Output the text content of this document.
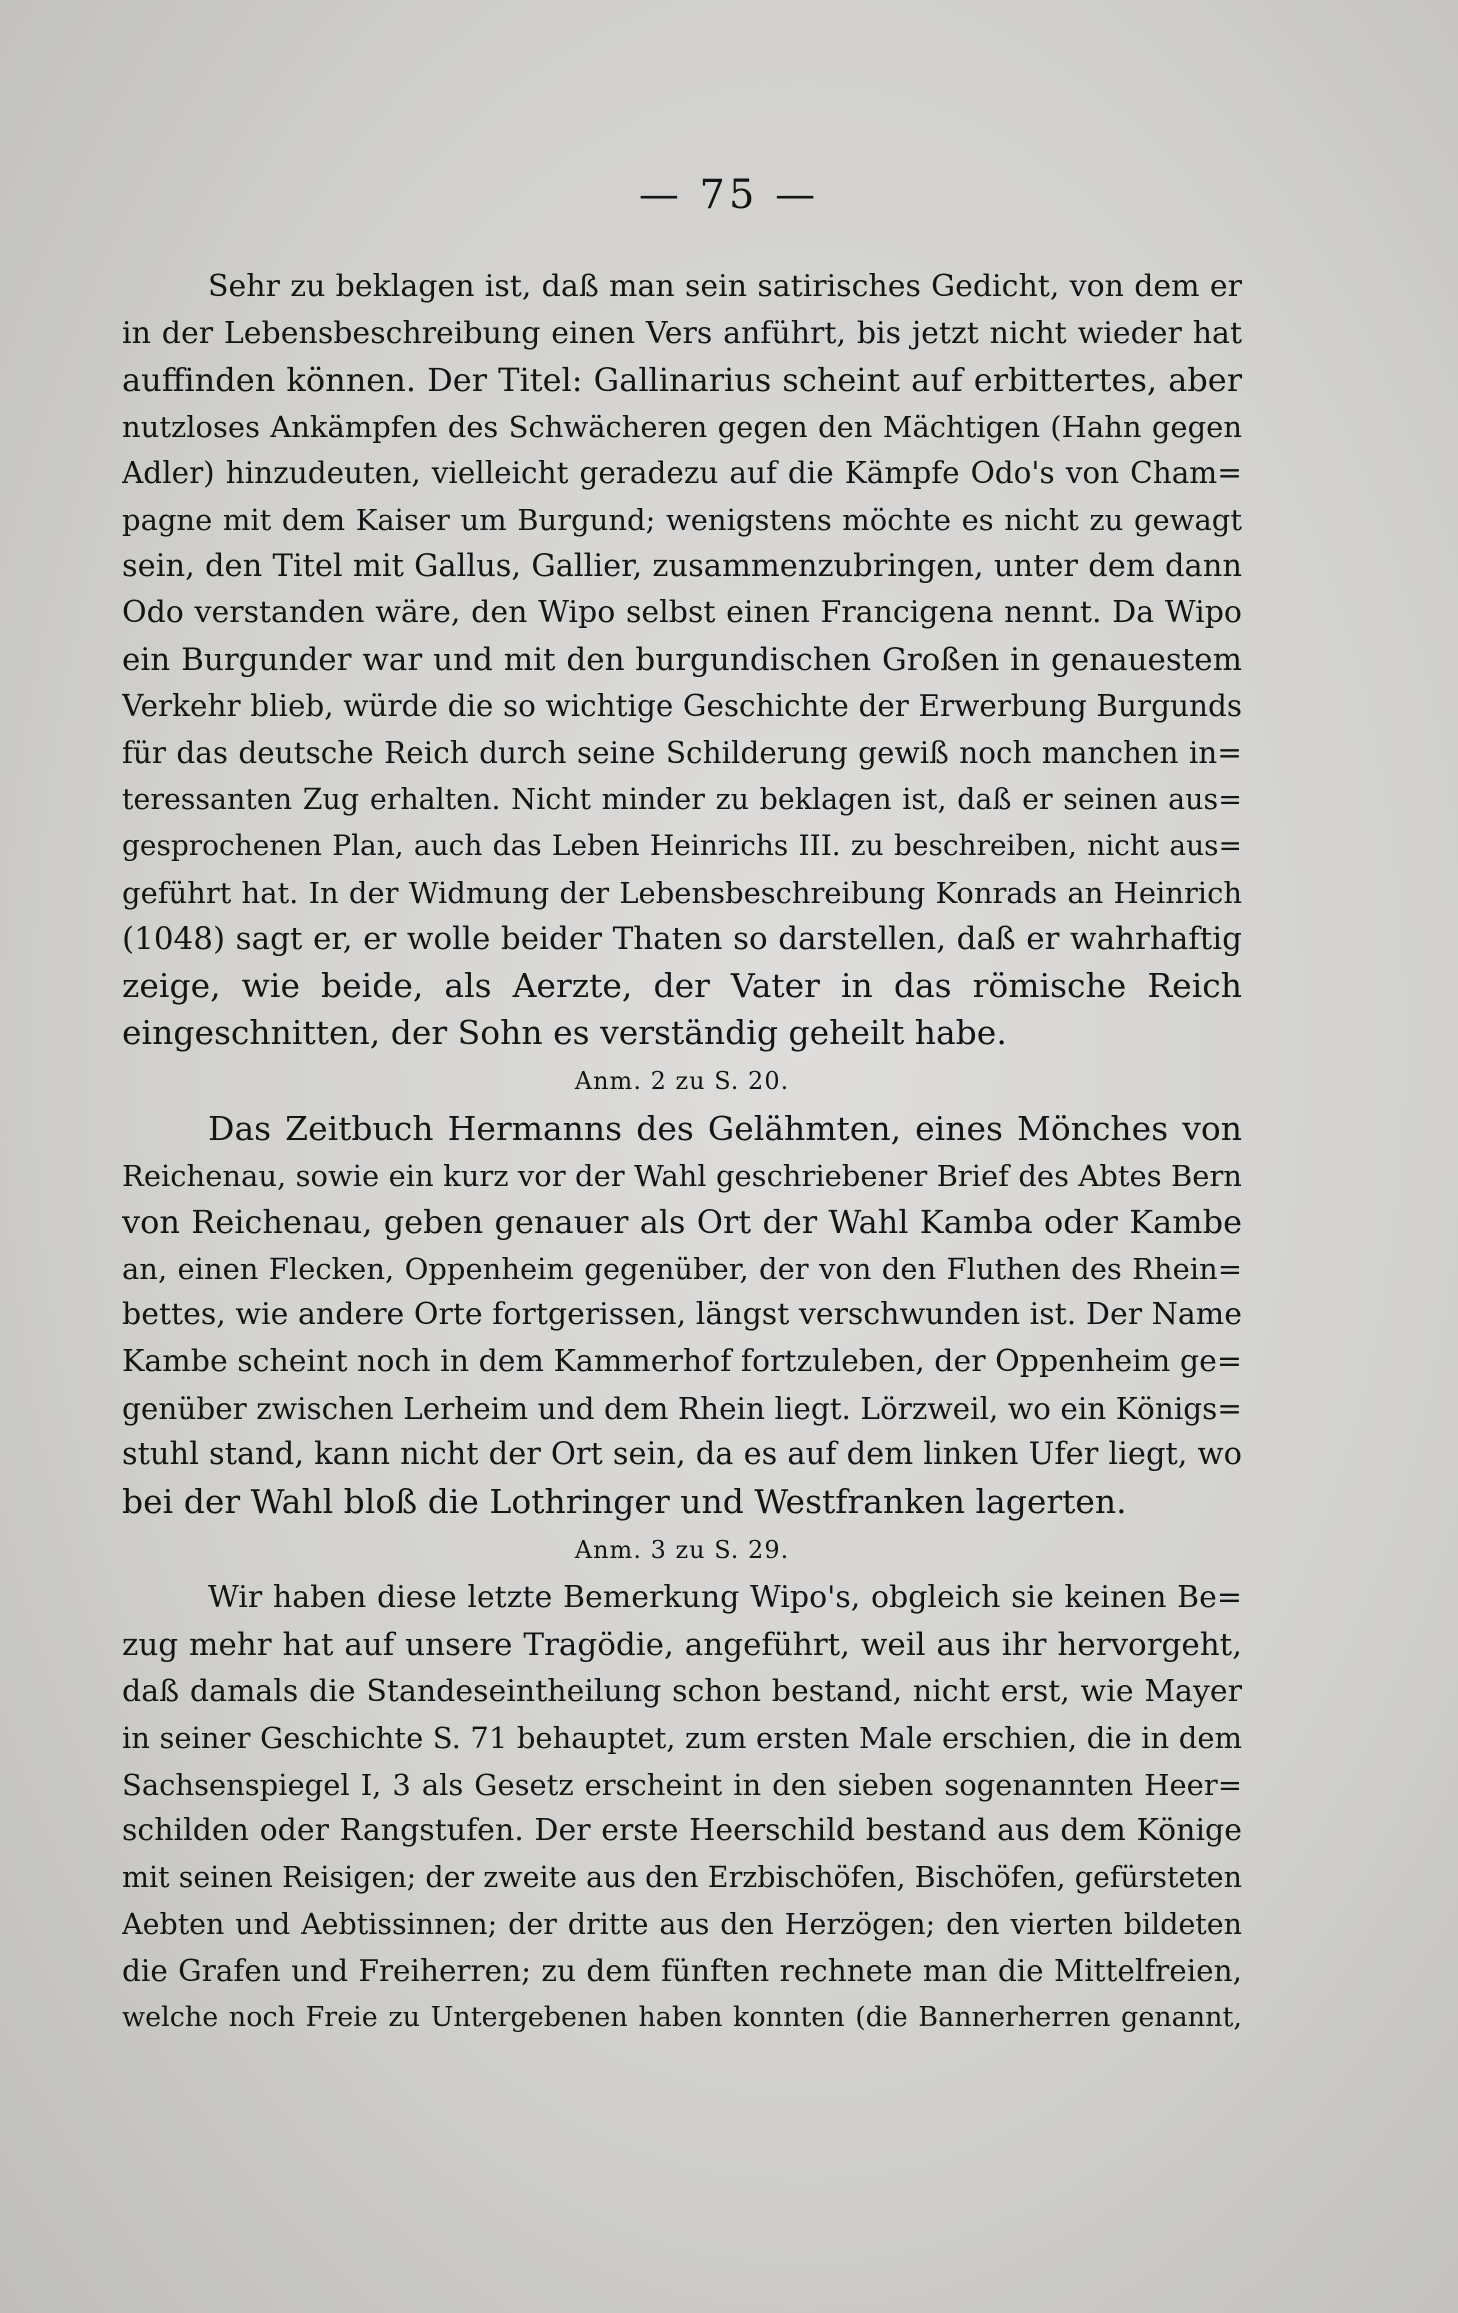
— 75 —
Sehr zu beklagen ist, daß man sein satirisches Gedicht, von dem er
in der Lebensbeschreibung einen Vers anführt, bis jetzt nicht wieder hat
auffinden können. Der Titel: Gallinarius scheint auf erbittertes, aber
nutzloses Ankämpfen des Schwächeren gegen den Mächtigen (Hahn gegen
Adler) hinzudeuten, vielleicht geradezu auf die Kämpfe Odo's von Cham=
pagne mit dem Kaiser um Burgund; wenigstens möchte es nicht zu gewagt
sein, den Titel mit Gallus, Gallier, zusammenzubringen, unter dem dann
Odo verstanden wäre, den Wipo selbst einen Francigena nennt. Da Wipo
ein Burgunder war und mit den burgundischen Großen in genauestem
Verkehr blieb, würde die so wichtige Geschichte der Erwerbung Burgunds
für das deutsche Reich durch seine Schilderung gewiß noch manchen in=
teressanten Zug erhalten. Nicht minder zu beklagen ist, daß er seinen aus=
gesprochenen Plan, auch das Leben Heinrichs III. zu beschreiben, nicht aus=
geführt hat. In der Widmung der Lebensbeschreibung Konrads an Heinrich
(1048) sagt er, er wolle beider Thaten so darstellen, daß er wahrhaftig
zeige, wie beide, als Aerzte, der Vater in das römische Reich
eingeschnitten, der Sohn es verständig geheilt habe.
Anm. 2 zu S. 20.
Das Zeitbuch Hermanns des Gelähmten, eines Mönches von
Reichenau, sowie ein kurz vor der Wahl geschriebener Brief des Abtes Bern
von Reichenau, geben genauer als Ort der Wahl Kamba oder Kambe
an, einen Flecken, Oppenheim gegenüber, der von den Fluthen des Rhein=
bettes, wie andere Orte fortgerissen, längst verschwunden ist. Der Name
Kambe scheint noch in dem Kammerhof fortzuleben, der Oppenheim ge=
genüber zwischen Lerheim und dem Rhein liegt. Lörzweil, wo ein Königs=
stuhl stand, kann nicht der Ort sein, da es auf dem linken Ufer liegt, wo
bei der Wahl bloß die Lothringer und Westfranken lagerten.
Anm. 3 zu S. 29.
Wir haben diese letzte Bemerkung Wipo's, obgleich sie keinen Be=
zug mehr hat auf unsere Tragödie, angeführt, weil aus ihr hervorgeht,
daß damals die Standeseintheilung schon bestand, nicht erst, wie Mayer
in seiner Geschichte S. 71 behauptet, zum ersten Male erschien, die in dem
Sachsenspiegel I, 3 als Gesetz erscheint in den sieben sogenannten Heer=
schilden oder Rangstufen. Der erste Heerschild bestand aus dem Könige
mit seinen Reisigen; der zweite aus den Erzbischöfen, Bischöfen, gefürsteten
Aebten und Aebtissinnen; der dritte aus den Herzögen; den vierten bildeten
die Grafen und Freiherren; zu dem fünften rechnete man die Mittelfreien,
welche noch Freie zu Untergebenen haben konnten (die Bannerherren genannt,
